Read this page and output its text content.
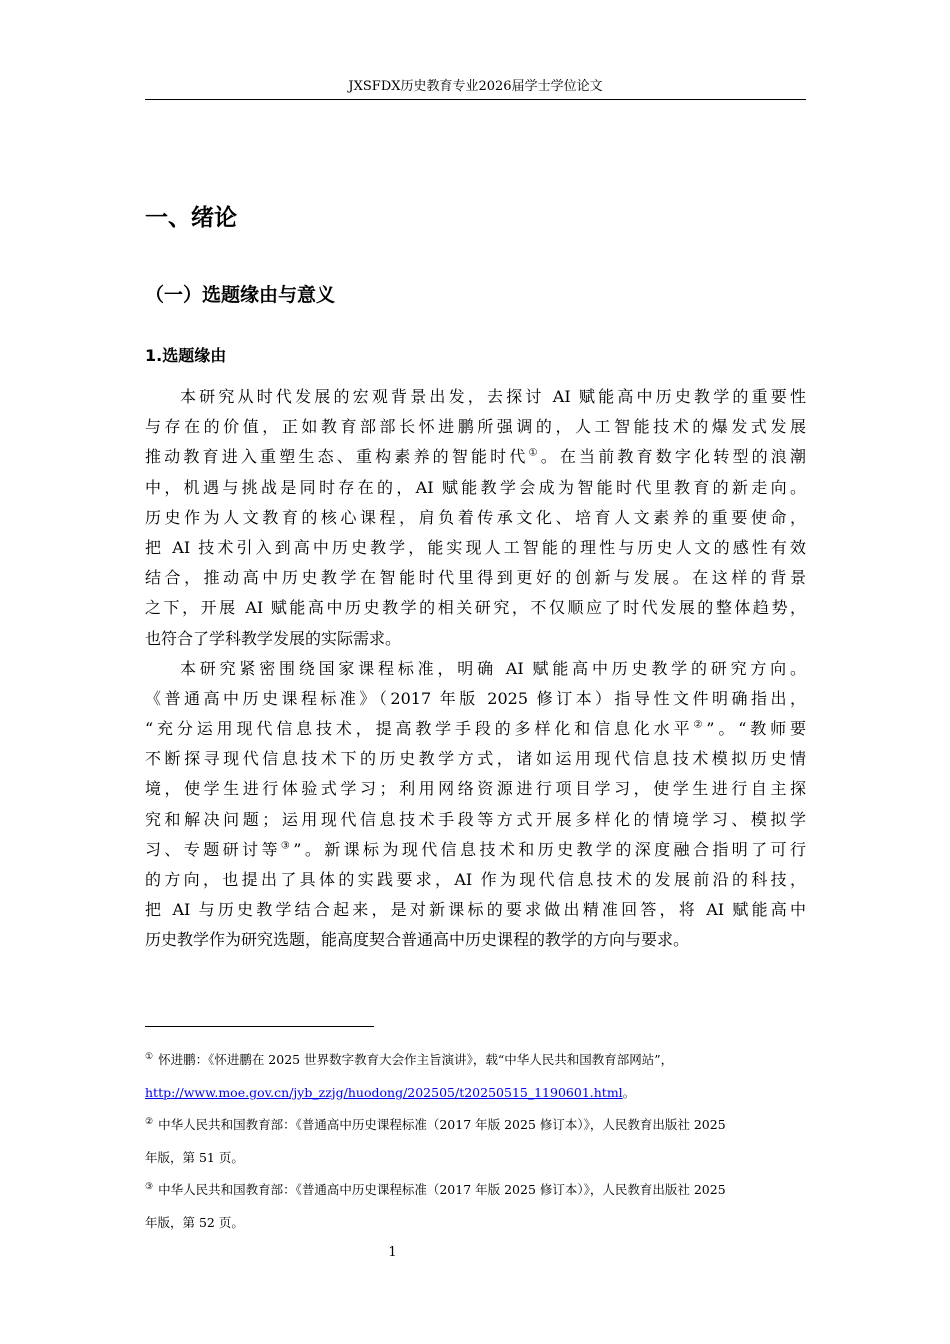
JXSFDX历史教育专业2026届学士学位论文
一、绪论
（一）选题缘由与意义
1.选题缘由
本研究从时代发展的宏观背景出发，去探讨 AI 赋能高中历史教学的重要性
与存在的价值，正如教育部部长怀进鹏所强调的，人工智能技术的爆发式发展
推动教育进入重塑生态、重构素养的智能时代①。在当前教育数字化转型的浪潮
中，机遇与挑战是同时存在的，AI 赋能教学会成为智能时代里教育的新走向。
历史作为人文教育的核心课程，肩负着传承文化、培育人文素养的重要使命，
把 AI 技术引入到高中历史教学，能实现人工智能的理性与历史人文的感性有效
结合，推动高中历史教学在智能时代里得到更好的创新与发展。在这样的背景
之下，开展 AI 赋能高中历史教学的相关研究，不仅顺应了时代发展的整体趋势，
也符合了学科教学发展的实际需求。
本研究紧密围绕国家课程标准，明确 AI 赋能高中历史教学的研究方向。
《普通高中历史课程标准》（2017 年版 2025 修订本）指导性文件明确指出，
“充分运用现代信息技术，提高教学手段的多样化和信息化水平②”。“教师要
不断探寻现代信息技术下的历史教学方式，诸如运用现代信息技术模拟历史情
境，使学生进行体验式学习；利用网络资源进行项目学习，使学生进行自主探
究和解决问题；运用现代信息技术手段等方式开展多样化的情境学习、模拟学
习、专题研讨等③”。新课标为现代信息技术和历史教学的深度融合指明了可行
的方向，也提出了具体的实践要求，AI 作为现代信息技术的发展前沿的科技，
把 AI 与历史教学结合起来，是对新课标的要求做出精准回答，将 AI 赋能高中
历史教学作为研究选题，能高度契合普通高中历史课程的教学的方向与要求。
① 怀进鹏：《怀进鹏在 2025 世界数字教育大会作主旨演讲》，载“中华人民共和国教育部网站”，
http://www.moe.gov.cn/jyb_zzjg/huodong/202505/t20250515_1190601.html。
② 中华人民共和国教育部：《普通高中历史课程标准（2017 年版 2025 修订本）》，人民教育出版社 2025
年版，第 51 页。
③ 中华人民共和国教育部：《普通高中历史课程标准（2017 年版 2025 修订本）》，人民教育出版社 2025
年版，第 52 页。
1
